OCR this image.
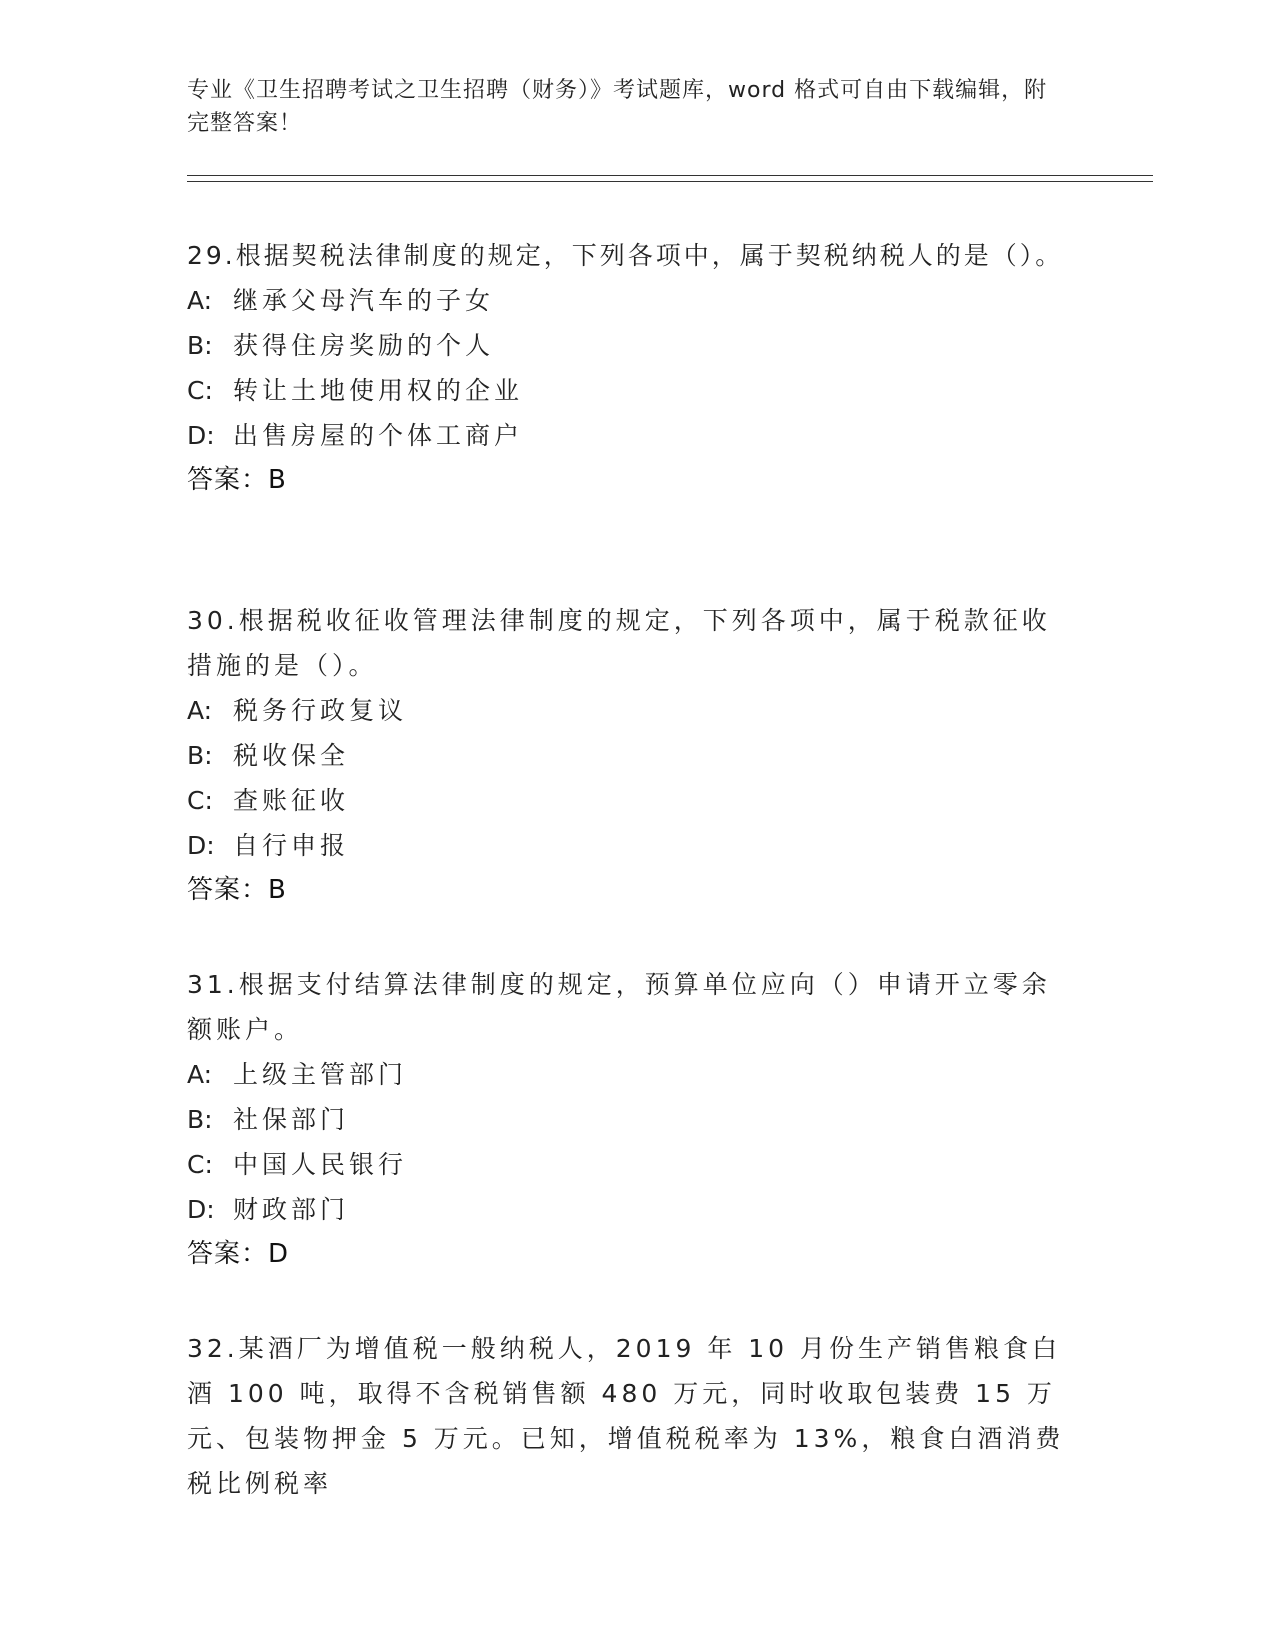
专业《卫生招聘考试之卫生招聘（财务）》考试题库，word 格式可自由下载编辑，附完整答案！

29.根据契税法律制度的规定，下列各项中，属于契税纳税人的是（）。

A: 继承父母汽车的子女

B: 获得住房奖励的个人

C: 转让土地使用权的企业

D: 出售房屋的个体工商户

答案：B

30.根据税收征收管理法律制度的规定，下列各项中，属于税款征收措施的是（）。

A: 税务行政复议

B: 税收保全

C: 查账征收

D: 自行申报

答案：B

31.根据支付结算法律制度的规定，预算单位应向（）申请开立零余额账户。

A: 上级主管部门

B: 社保部门

C: 中国人民银行

D: 财政部门

答案：D

32.某酒厂为增值税一般纳税人，2019 年 10 月份生产销售粮食白酒 100 吨，取得不含税销售额 480 万元，同时收取包装费 15 万元、包装物押金 5 万元。已知，增值税税率为 13%，粮食白酒消费税比例税率
